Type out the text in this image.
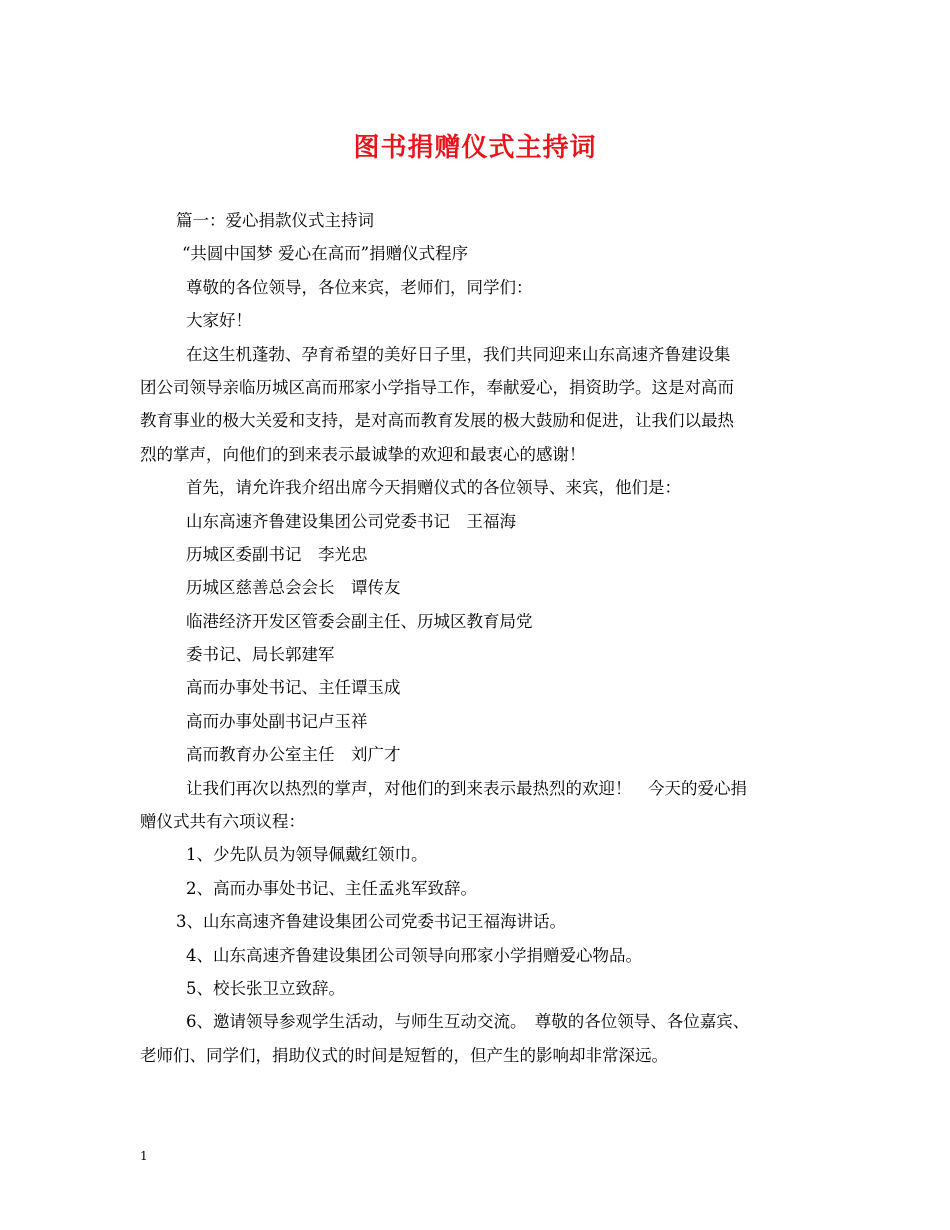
图书捐赠仪式主持词
篇一：爱心捐款仪式主持词
“共圆中国梦 爱心在高而”捐赠仪式程序
尊敬的各位领导，各位来宾，老师们，同学们：
大家好！
在这生机蓬勃、孕育希望的美好日子里，我们共同迎来山东高速齐鲁建设集
团公司领导亲临历城区高而邢家小学指导工作，奉献爱心，捐资助学。这是对高而
教育事业的极大关爱和支持，是对高而教育发展的极大鼓励和促进，让我们以最热
烈的掌声，向他们的到来表示最诚挚的欢迎和最衷心的感谢！
首先，请允许我介绍出席今天捐赠仪式的各位领导、来宾，他们是：
山东高速齐鲁建设集团公司党委书记　王福海
历城区委副书记　李光忠
历城区慈善总会会长　谭传友
临港经济开发区管委会副主任、历城区教育局党
委书记、局长郭建军
高而办事处书记、主任谭玉成
高而办事处副书记卢玉祥
高而教育办公室主任　刘广才
让我们再次以热烈的掌声，对他们的到来表示最热烈的欢迎！　今天的爱心捐
赠仪式共有六项议程：
1、少先队员为领导佩戴红领巾。
2、高而办事处书记、主任孟兆军致辞。
3、山东高速齐鲁建设集团公司党委书记王福海讲话。
4、山东高速齐鲁建设集团公司领导向邢家小学捐赠爱心物品。
5、校长张卫立致辞。
6、邀请领导参观学生活动，与师生互动交流。　尊敬的各位领导、各位嘉宾、
老师们、同学们，捐助仪式的时间是短暂的，但产生的影响却非常深远。
1
